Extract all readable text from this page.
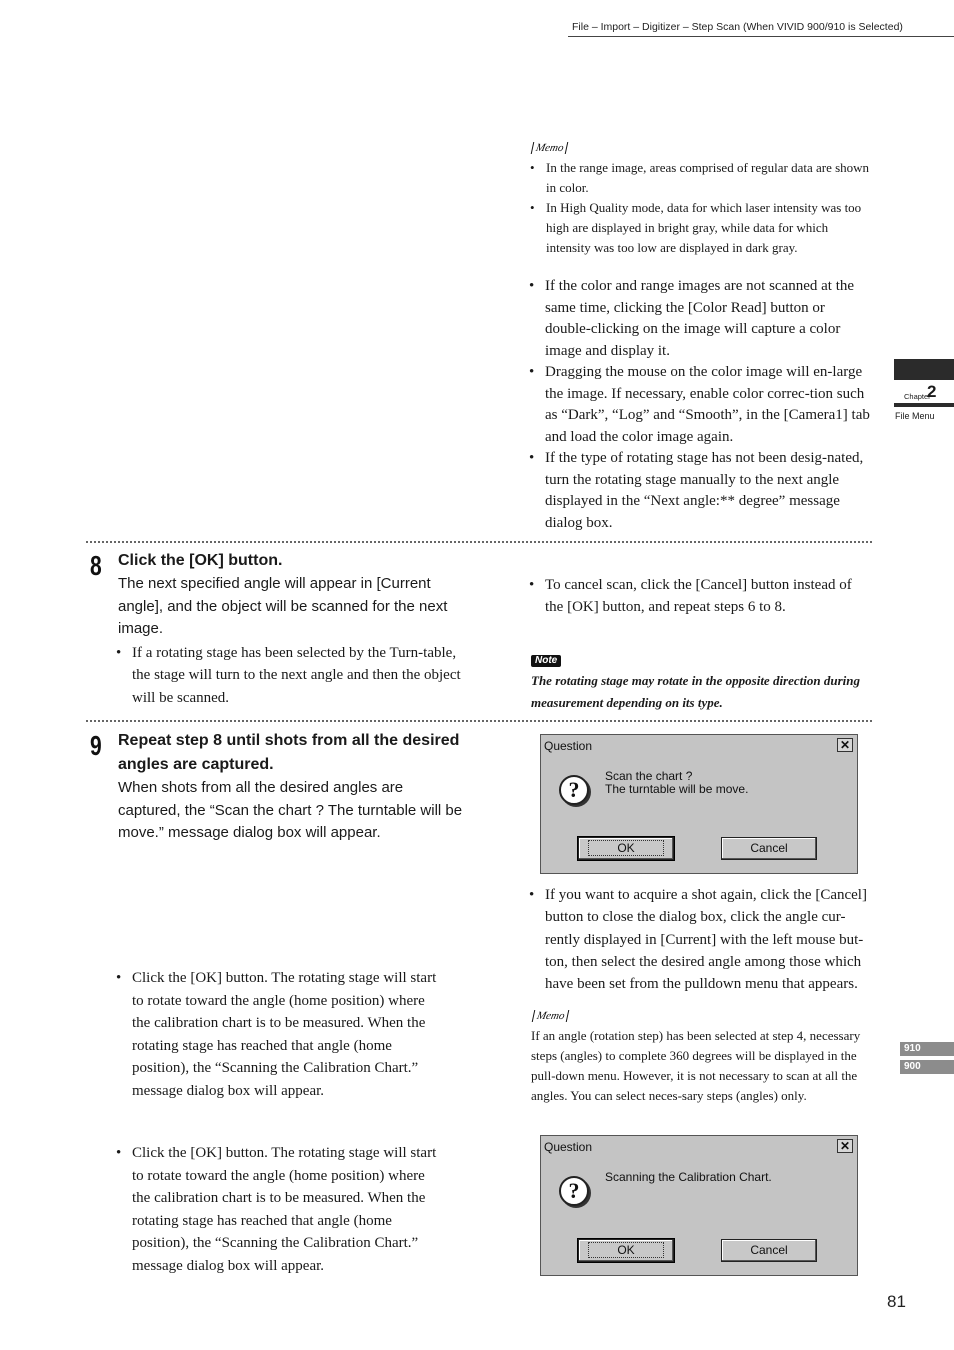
File – Import – Digitizer – Step Scan (When VIVID 900/910 is Selected)
Memo
• In the range image, areas comprised of regular data are shown in color.
• In High Quality mode, data for which laser intensity was too high are displayed in bright gray, while data for which intensity was too low are displayed in dark gray.
• If the color and range images are not scanned at the same time, clicking the [Color Read] button or double-clicking on the image will capture a color image and display it.
• Dragging the mouse on the color image will en-large the image. If necessary, enable color correc-tion such as “Dark”, “Log” and “Smooth”, in the [Camera1] tab and load the color image again.
• If the type of rotating stage has not been desig-nated, turn the rotating stage manually to the next angle displayed in the “Next angle:** degree” message dialog box.
8 Click the [OK] button.
The next specified angle will appear in [Current angle], and the object will be scanned for the next image.
• If a rotating stage has been selected by the Turn-table, the stage will turn to the next angle and then the object will be scanned.
• To cancel scan, click the [Cancel] button instead of the [OK] button, and repeat steps 6 to 8.
Note
The rotating stage may rotate in the opposite direction during measurement depending on its type.
9 Repeat step 8 until shots from all the desired angles are captured.
When shots from all the desired angles are captured, the “Scan the chart ? The turntable will be move.” message dialog box will appear.
• Click the [OK] button. The rotating stage will start to rotate toward the angle (home position) where the calibration chart is to be measured. When the rotating stage has reached that angle (home position), the “Scanning the Calibration Chart.” message dialog box will appear.
• Click the [OK] button. The rotating stage will start to rotate toward the angle (home position) where the calibration chart is to be measured. When the rotating stage has reached that angle (home position), the “Scanning the Calibration Chart.” message dialog box will appear.
Question	✕
?
Scan the chart ?
The turntable will be move.
OK	Cancel
• If you want to acquire a shot again, click the [Cancel] button to close the dialog box, click the angle cur-rently displayed in [Current] with the left mouse but-ton, then select the desired angle among those which have been set from the pulldown menu that appears.
Memo
If an angle (rotation step) has been selected at step 4, necessary steps (angles) to complete 360 degrees will be displayed in the pull-down menu. However, it is not necessary to scan at all the angles. You can select neces-sary steps (angles) only.
Question	✕
?
Scanning the Calibration Chart.
OK	Cancel
Chapter
2
File Menu
910
900
81
